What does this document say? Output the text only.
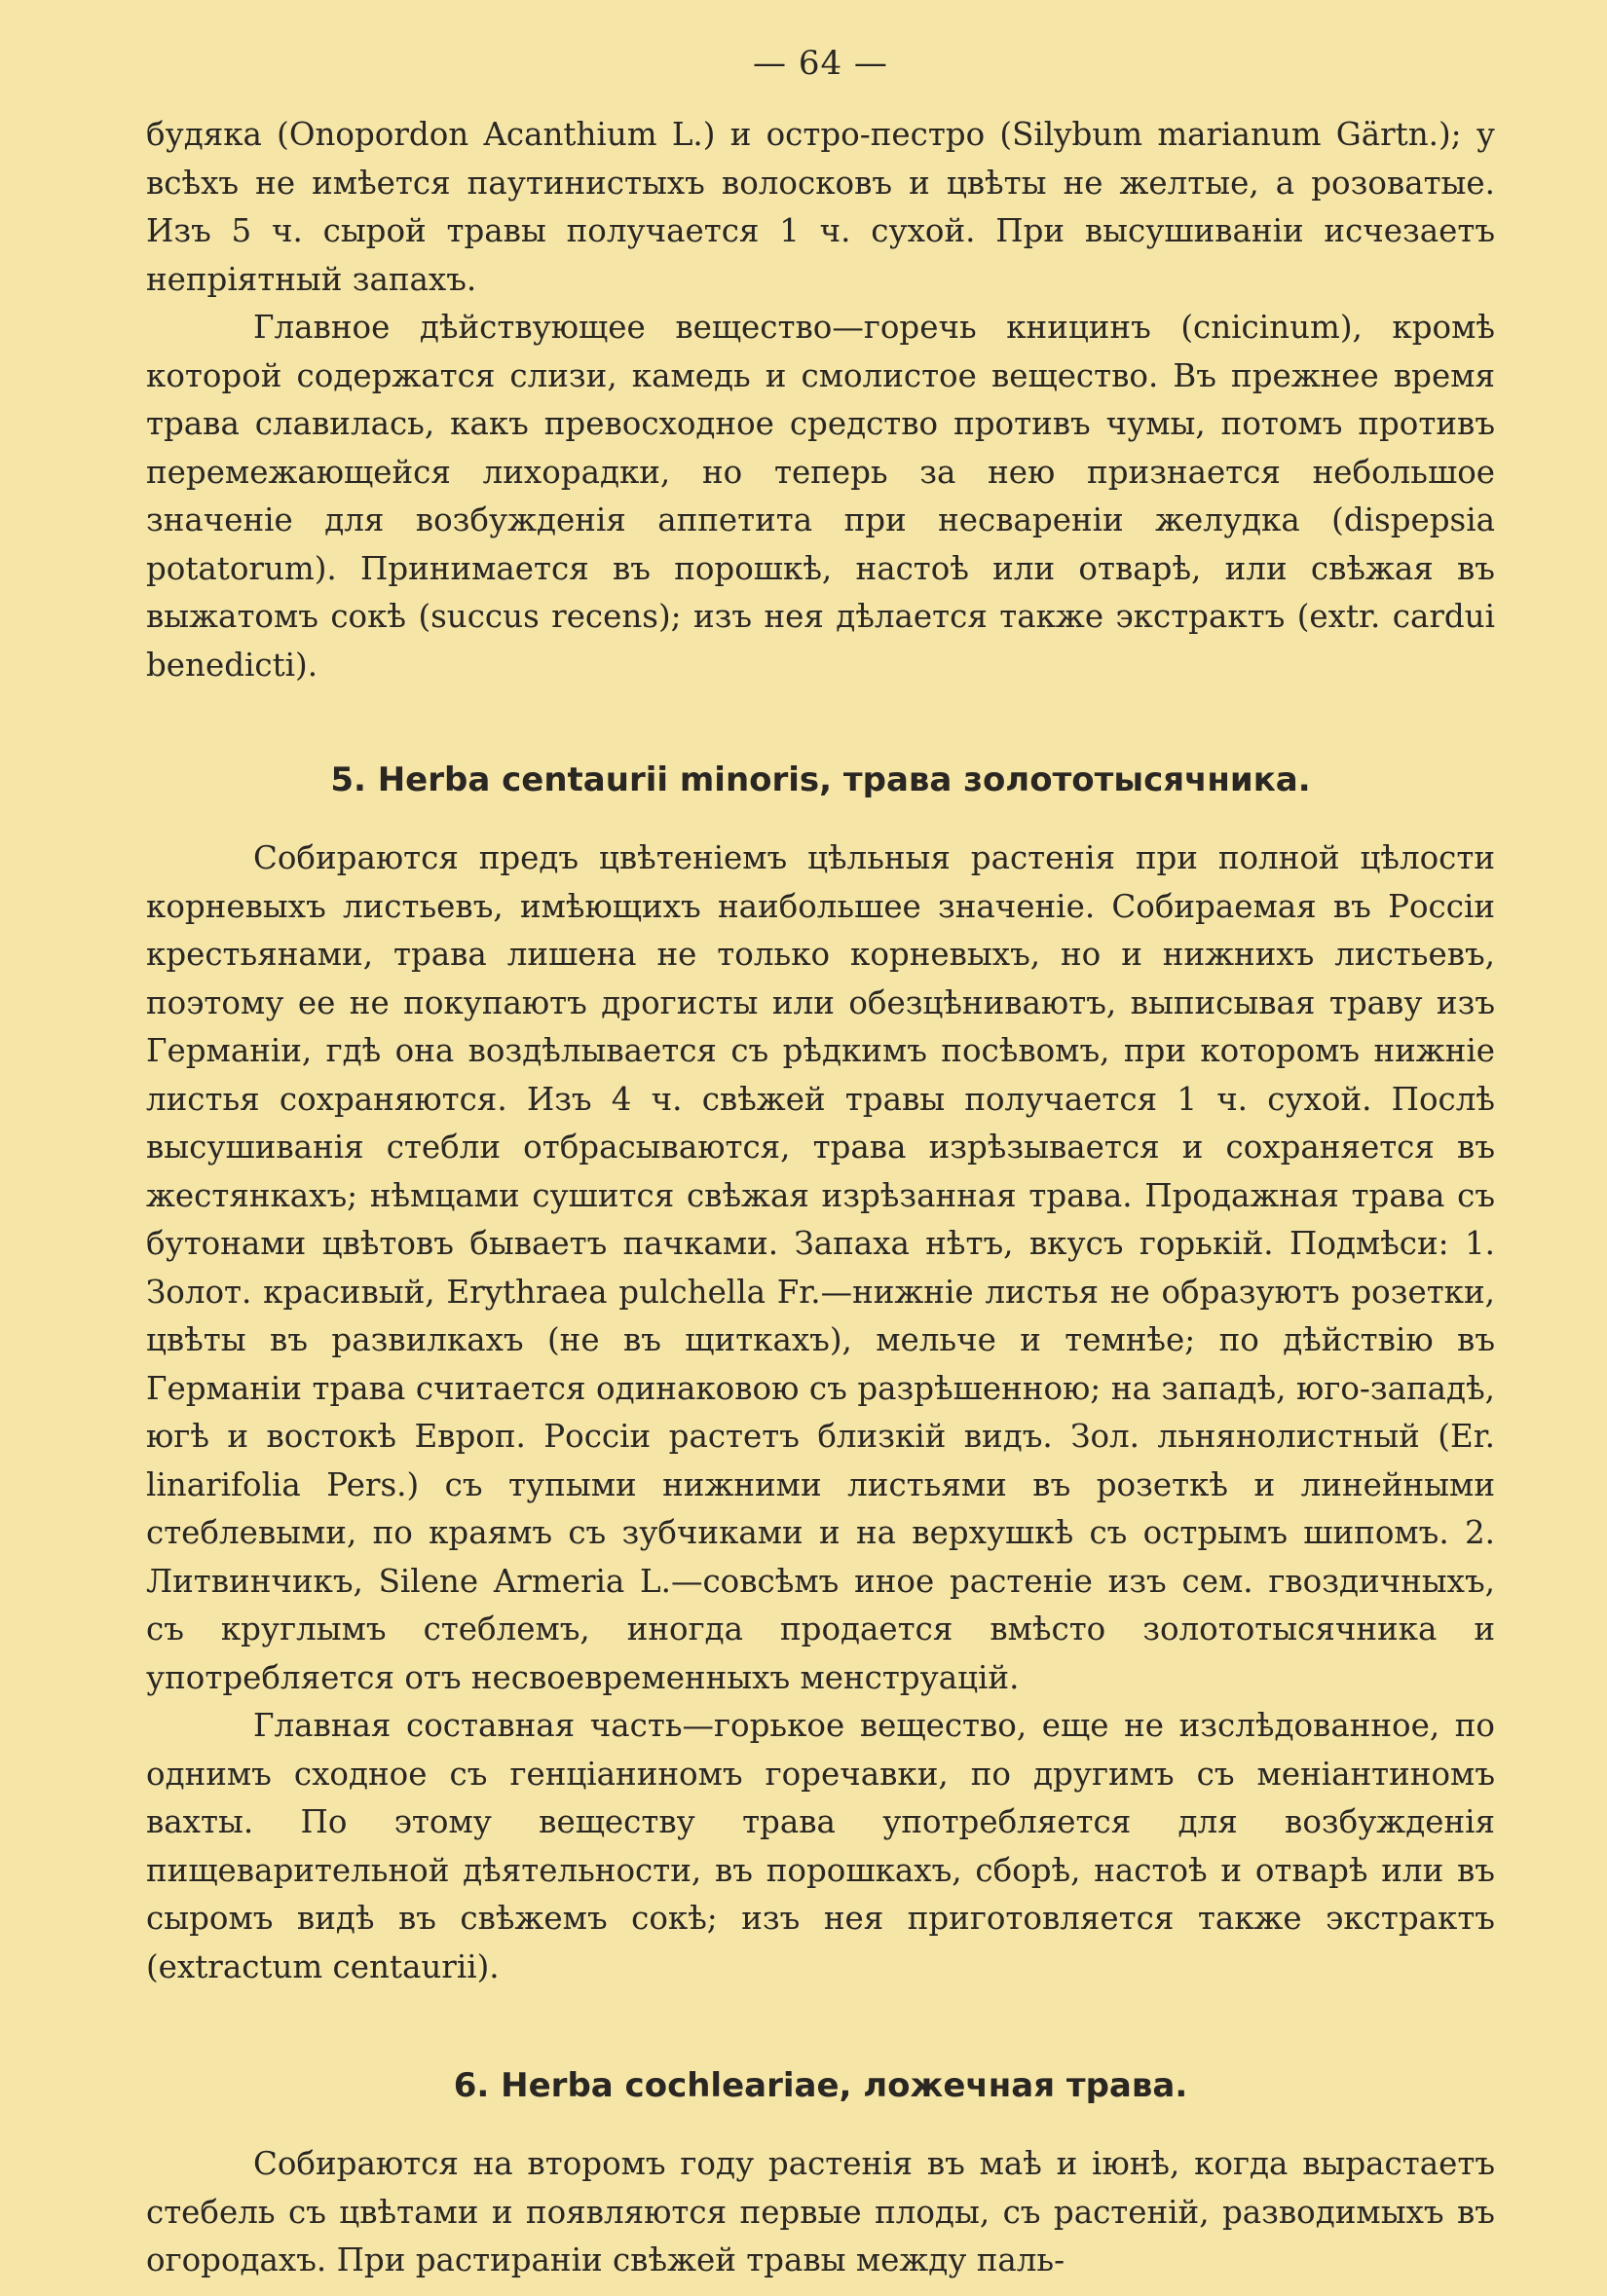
— 64 —

будяка (Onopordon Acanthium L.) и остро-пестро (Silybum marianum Gärtn.); у всѣхъ не имѣется паутинистыхъ волосковъ и цвѣты не желтые, а розоватые. Изъ 5 ч. сырой травы получается 1 ч. сухой. При высушиванiи исчезаетъ непрiятный запахъ.

Главное дѣйствующее вещество—горечь кницинъ (cnicinum), кромѣ которой содержатся слизи, камедь и смолистое вещество. Въ прежнее время трава славилась, какъ превосходное средство противъ чумы, потомъ противъ перемежающейся лихорадки, но теперь за нею признается небольшое значенiе для возбужденiя аппетита при несваренiи желудка (dispepsia potatorum). Принимается въ порошкѣ, настоѣ или отварѣ, или свѣжая въ выжатомъ сокѣ (succus recens); изъ нея дѣлается также экстрактъ (extr. cardui benedicti).

5. Herba centaurii minoris, трава золототысячника.

Собираются предъ цвѣтенiемъ цѣльныя растенiя при полной цѣлости корневыхъ листьевъ, имѣющихъ наибольшее значенiе. Собираемая въ Россiи крестьянами, трава лишена не только корневыхъ, но и нижнихъ листьевъ, поэтому ее не покупаютъ дрогисты или обезцѣниваютъ, выписывая траву изъ Германiи, гдѣ она воздѣлывается съ рѣдкимъ посѣвомъ, при которомъ нижнiе листья сохраняются. Изъ 4 ч. свѣжей травы получается 1 ч. сухой. Послѣ высушиванiя стебли отбрасываются, трава изрѣзывается и сохраняется въ жестянкахъ; нѣмцами сушится свѣжая изрѣзанная трава. Продажная трава съ бутонами цвѣтовъ бываетъ пачками. Запаха нѣтъ, вкусъ горькiй. Подмѣси: 1. Золот. красивый, Erythraea pulchella Fr.—нижнiе листья не образуютъ розетки, цвѣты въ развилкахъ (не въ щиткахъ), мельче и темнѣе; по дѣйствiю въ Германiи трава считается одинаковою съ разрѣшенною; на западѣ, юго-западѣ, югѣ и востокѣ Европ. Россiи растетъ близкiй видъ. Зол. льнянолистный (Er. linarifolia Pers.) съ тупыми нижними листьями въ розеткѣ и линейными стеблевыми, по краямъ съ зубчиками и на верхушкѣ съ острымъ шипомъ. 2. Литвинчикъ, Silene Armeria L.—совсѣмъ иное растенiе изъ сем. гвоздичныхъ, съ круглымъ стеблемъ, иногда продается вмѣсто золототысячника и употребляется отъ несвоевременныхъ менструацiй.

Главная составная часть—горькое вещество, еще не изслѣдованное, по однимъ сходное съ генцiаниномъ горечавки, по другимъ съ менiантиномъ вахты. По этому веществу трава употребляется для возбужденiя пищеварительной дѣятельности, въ порошкахъ, сборѣ, настоѣ и отварѣ или въ сыромъ видѣ въ свѣжемъ сокѣ; изъ нея приготовляется также экстрактъ (extractum centaurii).

6. Herba cochleariae, ложечная трава.

Собираются на второмъ году растенiя въ маѣ и iюнѣ, когда вырастаетъ стебель съ цвѣтами и появляются первые плоды, съ растенiй, разводимыхъ въ огородахъ. При растиранiи свѣжей травы между паль-
